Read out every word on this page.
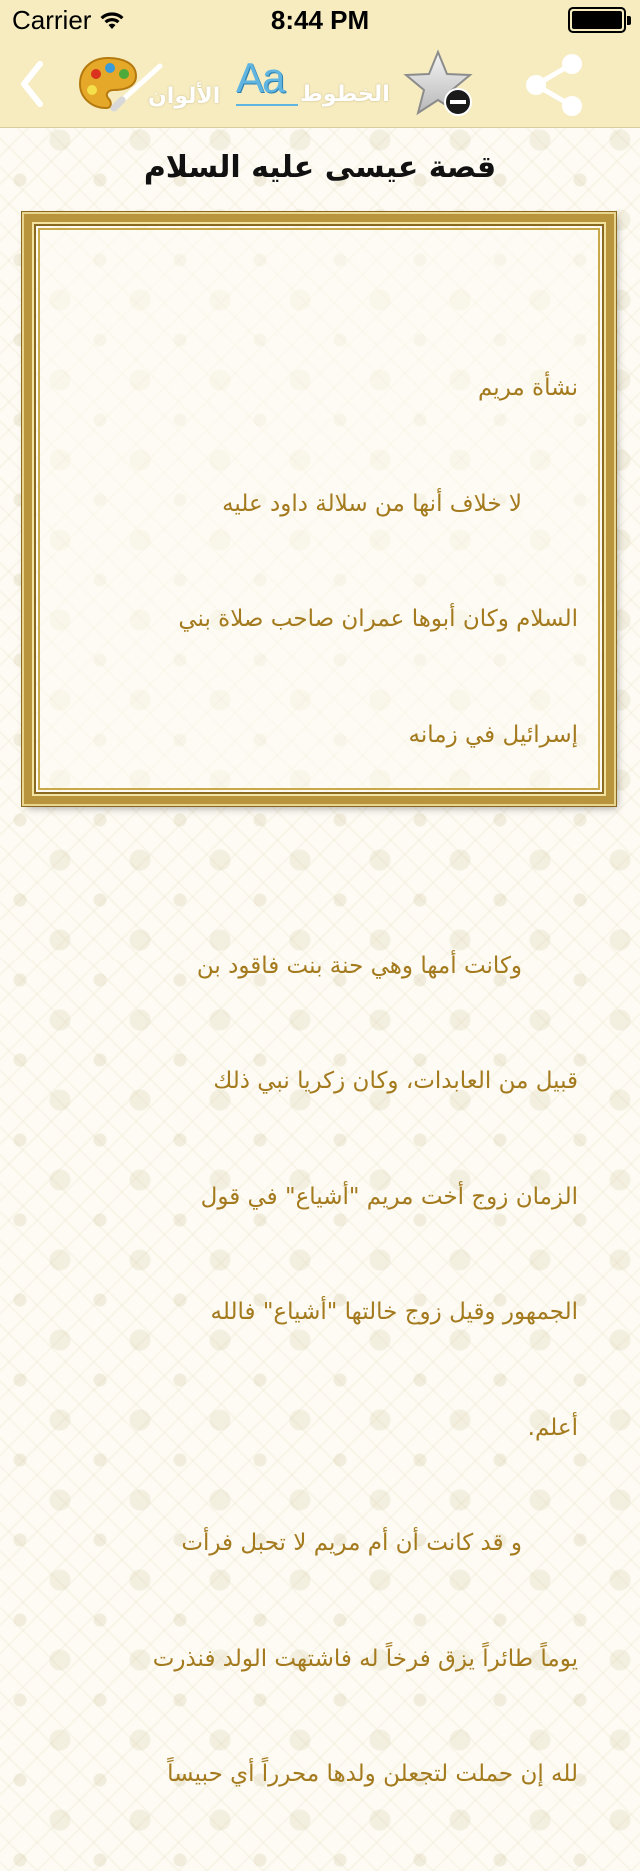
Carrier	8:44 PM
الألوان Aa الخطوط
قصة عيسى عليه السلام

نشأة مريم

لا خلاف أنها من سلالة داود عليه

السلام وكان أبوها عمران صاحب صلاة بني

إسرائيل في زمانه

وكانت أمها وهي حنة بنت فاقود بن

قبيل من العابدات، وكان زكريا نبي ذلك

الزمان زوج أخت مريم "أشياع" في قول

الجمهور وقيل زوج خالتها "أشياع" فالله

أعلم.

و قد كانت أن أم مريم لا تحبل فرأت

يوماً طائراً يزق فرخاً له فاشتهت الولد فنذرت

لله إن حملت لتجعلن ولدها محرراً أي حبيساً
